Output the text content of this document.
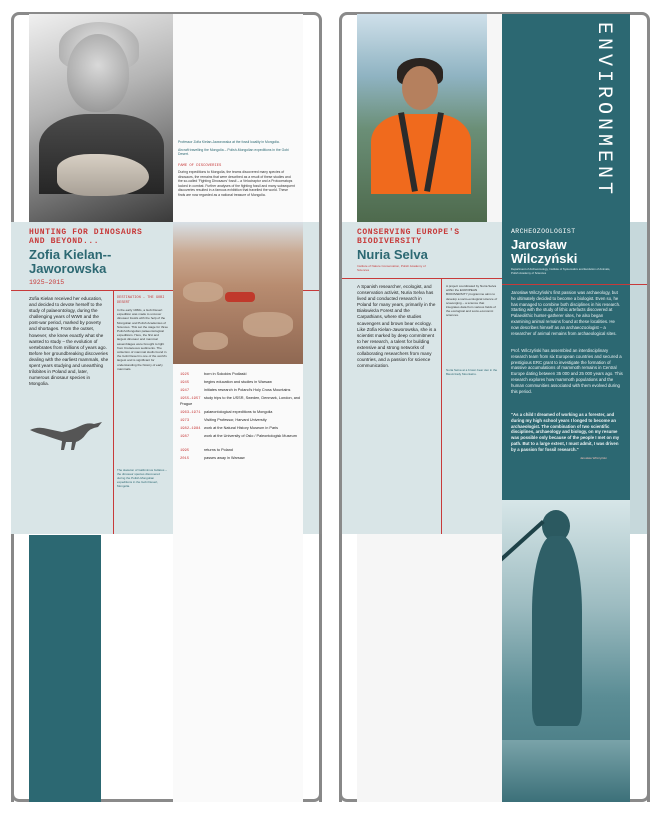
Professor Zofia Kielan-Jaworowska at the fossil locality in Mongolia.
Aircraft travelling the Mongolia – Polish-Mongolian expeditions in the Gobi Desert.
FAME OF DISCOVERIES
During expeditions to Mongolia, the teams discovered many species of dinosaurs, the remains that were described as a result of these studies and the so-called 'Fighting Dinosaurs' fossil – a Velociraptor and a Protoceratops locked in combat. Further analyses of the fighting fossil and many subsequent discoveries resulted in a famous exhibition that travelled the world. These finds are now regarded as a national treasure of Mongolia.
HUNTING FOR DINOSAURS AND BEYOND...
Zofia Kielan--Jaworowska
1925–2015
Zofia Kielan received her education, and decided to devote herself to the study of palaeontology, during the challenging years of WWII and the post-war period, marked by poverty and shortages. From the outset, however, she knew exactly what she wanted to study – the evolution of vertebrates from millions of years ago. Before her groundbreaking discoveries dealing with the earliest mammals, she spent years studying and unearthing trilobites in Poland and, later, numerous dinosaur species in Mongolia.
DESTINATION – THE GOBI DESERT
In the early 1960s, a Gobi Desert expedition was made to uncover dinosaur fossils with the help of the Mongolian and Polish Academies of Sciences. This set the stage for three Polish-Mongolian palaeontological expeditions. Here, the first and largest dinosaur and mammal assemblages were brought to light from Cretaceous sediments. The collection of mammal skulls found in the Gobi Desert is one of the world's largest and is significant for understanding the history of early mammals.
The skeleton of Gallimimus bullatus – the dinosaur species discovered during the Polish-Mongolian expeditions in the Gobi Desert, Mongolia.
1925	born in Sokołów Podlaski
1945	begins education and studies in Warsaw
1947	initiates research in Poland's Holy Cross Mountains
1955–1957 study trips to the USSR, Sweden, Denmark, London, and Prague
1963–1971 palaeontological expeditions to Mongolia
1973	Visiting Professor, Harvard University
1982–1984 work at the Natural History Museum in Paris
1987	work at the University of Oslo / Paleontologisk Museum
1995	returns to Poland
2015	passes away in Warsaw
CONSERVING EUROPE'S BIODIVERSITY
Nuria Selva
Institute of Nature Conservation, Polish Academy of Sciences
A Spanish researcher, ecologist, and conservation activist, Nuria Selva has lived and conducted research in Poland for many years, primarily in the Białowieża Forest and the Carpathians, where she studies scavengers and brown bear ecology. Like Zofia Kielan-Jaworowska, she is a scientist marked by deep commitment to her research, a talent for building extensive and strong networks of collaborating researchers from many countries, and a passion for science communication.
A project coordinated by Nuria Selva within the EUROPEAN BIODIVERSITY programme aims to develop a socio-ecological science of scavenging – a science that integrates data from various fields of the ecological and socio-economic sciences.
Nuria Selva at a brown bear den in the Bieszczady Mountains.
ENVIRONMENT
ARCHEOZOOLOGIST
Jarosław Wilczyński
Department of Archeozoology, Institute of Systematics and Evolution of Animals, Polish Academy of Sciences
Jarosław Wilczyński's first passion was archaeology, but he ultimately decided to become a biologist. Even so, he has managed to combine both disciplines in his research. Starting with the study of lithic artefacts discovered at Palaeolithic hunter-gatherer sites, he also began examining animal remains found at these localities. He now describes himself as an archaeozoologist – a researcher of animal remains from archaeological sites.
Prof. Wilczyński has assembled an interdisciplinary research team from six European countries and secured a prestigious ERC grant to investigate the formation of massive accumulations of mammoth remains in Central Europe dating between 35 000 and 25 000 years ago. This research explores how mammoth populations and the human communities associated with them evolved during this period.
"As a child I dreamed of working as a forester, and during my high school years I longed to become an archaeologist. The combination of two scientific disciplines, archaeology and biology, on my resume was possible only because of the people I met on my path. But to a large extent, I must admit, I was driven by a passion for fossil research."
Jarosław Wilczyński
